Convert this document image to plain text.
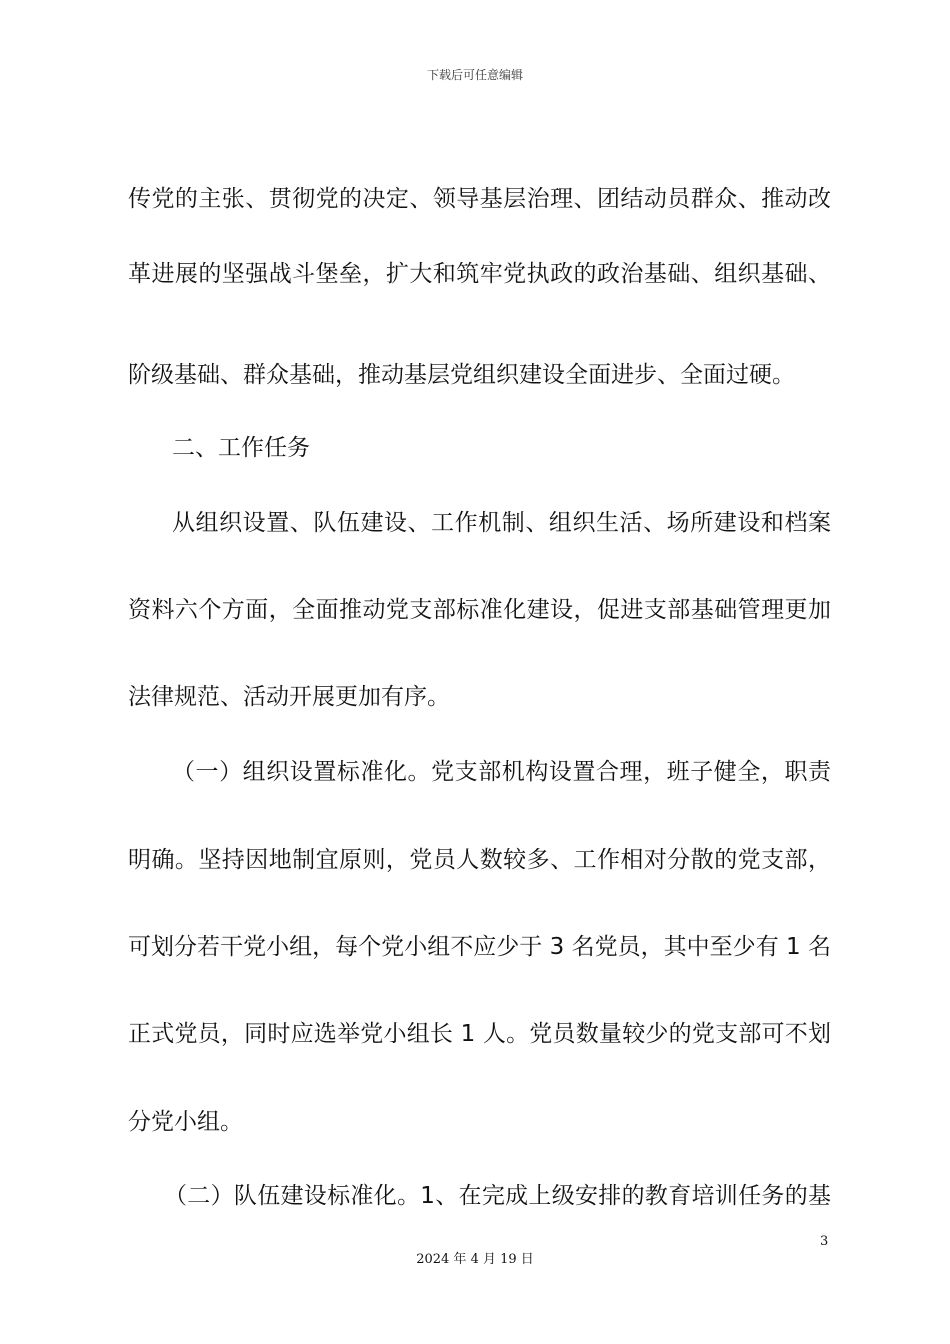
下载后可任意编辑
传党的主张、贯彻党的决定、领导基层治理、团结动员群众、推动改
革进展的坚强战斗堡垒，扩大和筑牢党执政的政治基础、组织基础、
阶级基础、群众基础，推动基层党组织建设全面进步、全面过硬。
二、工作任务
从组织设置、队伍建设、工作机制、组织生活、场所建设和档案
资料六个方面，全面推动党支部标准化建设，促进支部基础管理更加
法律规范、活动开展更加有序。
（一）组织设置标准化。党支部机构设置合理，班子健全，职责
明确。坚持因地制宜原则，党员人数较多、工作相对分散的党支部，
可划分若干党小组，每个党小组不应少于 3 名党员，其中至少有 1 名
正式党员，同时应选举党小组长 1 人。党员数量较少的党支部可不划
分党小组。
（二）队伍建设标准化。1、在完成上级安排的教育培训任务的基
3
2024 年 4 月 19 日
